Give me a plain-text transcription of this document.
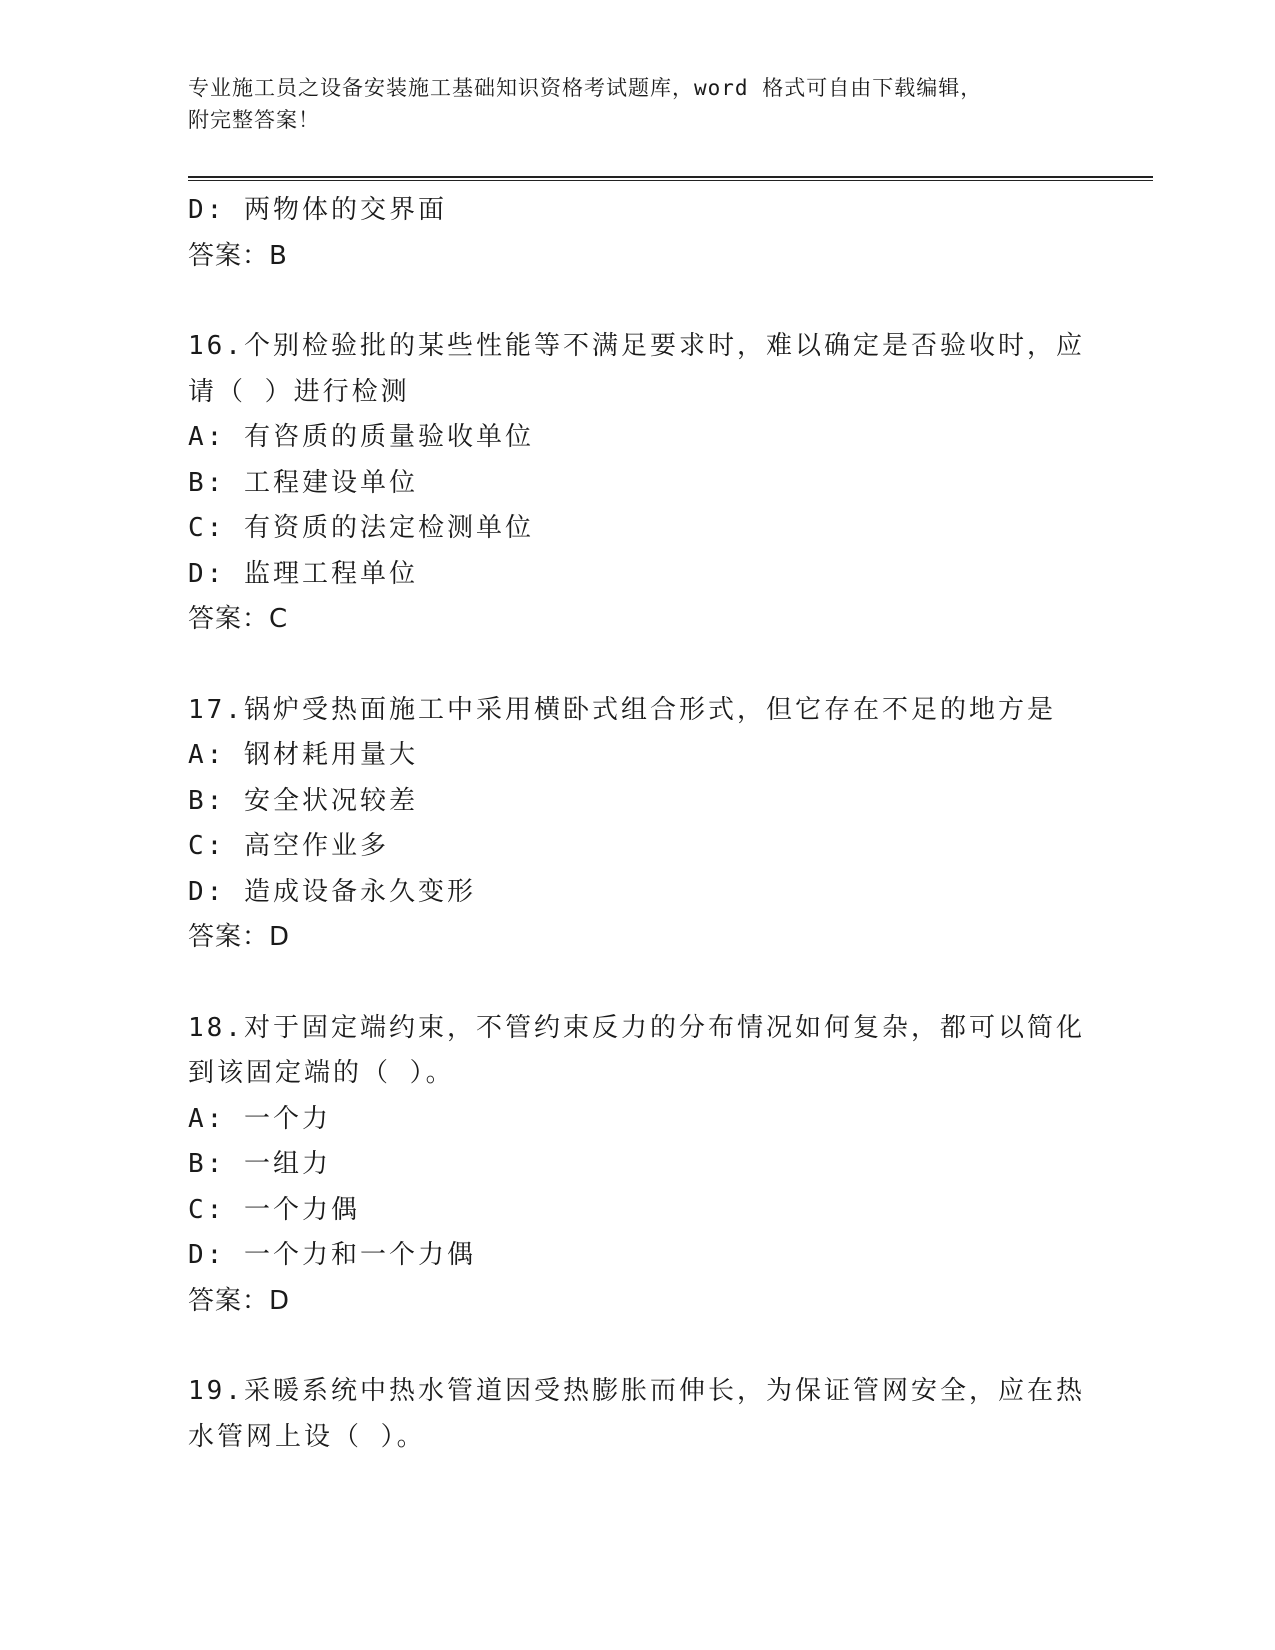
专业施工员之设备安装施工基础知识资格考试题库，word 格式可自由下载编辑，
附完整答案！
D: 两物体的交界面
答案：B
16.个别检验批的某些性能等不满足要求时，难以确定是否验收时，应
请（ ）进行检测
A: 有咨质的质量验收单位
B: 工程建设单位
C: 有资质的法定检测单位
D: 监理工程单位
答案：C
17.锅炉受热面施工中采用横卧式组合形式，但它存在不足的地方是
A: 钢材耗用量大
B: 安全状况较差
C: 高空作业多
D: 造成设备永久变形
答案：D
18.对于固定端约束，不管约束反力的分布情况如何复杂，都可以简化
到该固定端的（ ）。
A: 一个力
B: 一组力
C: 一个力偶
D: 一个力和一个力偶
答案：D
19.采暖系统中热水管道因受热膨胀而伸长，为保证管网安全，应在热
水管网上设（ ）。
